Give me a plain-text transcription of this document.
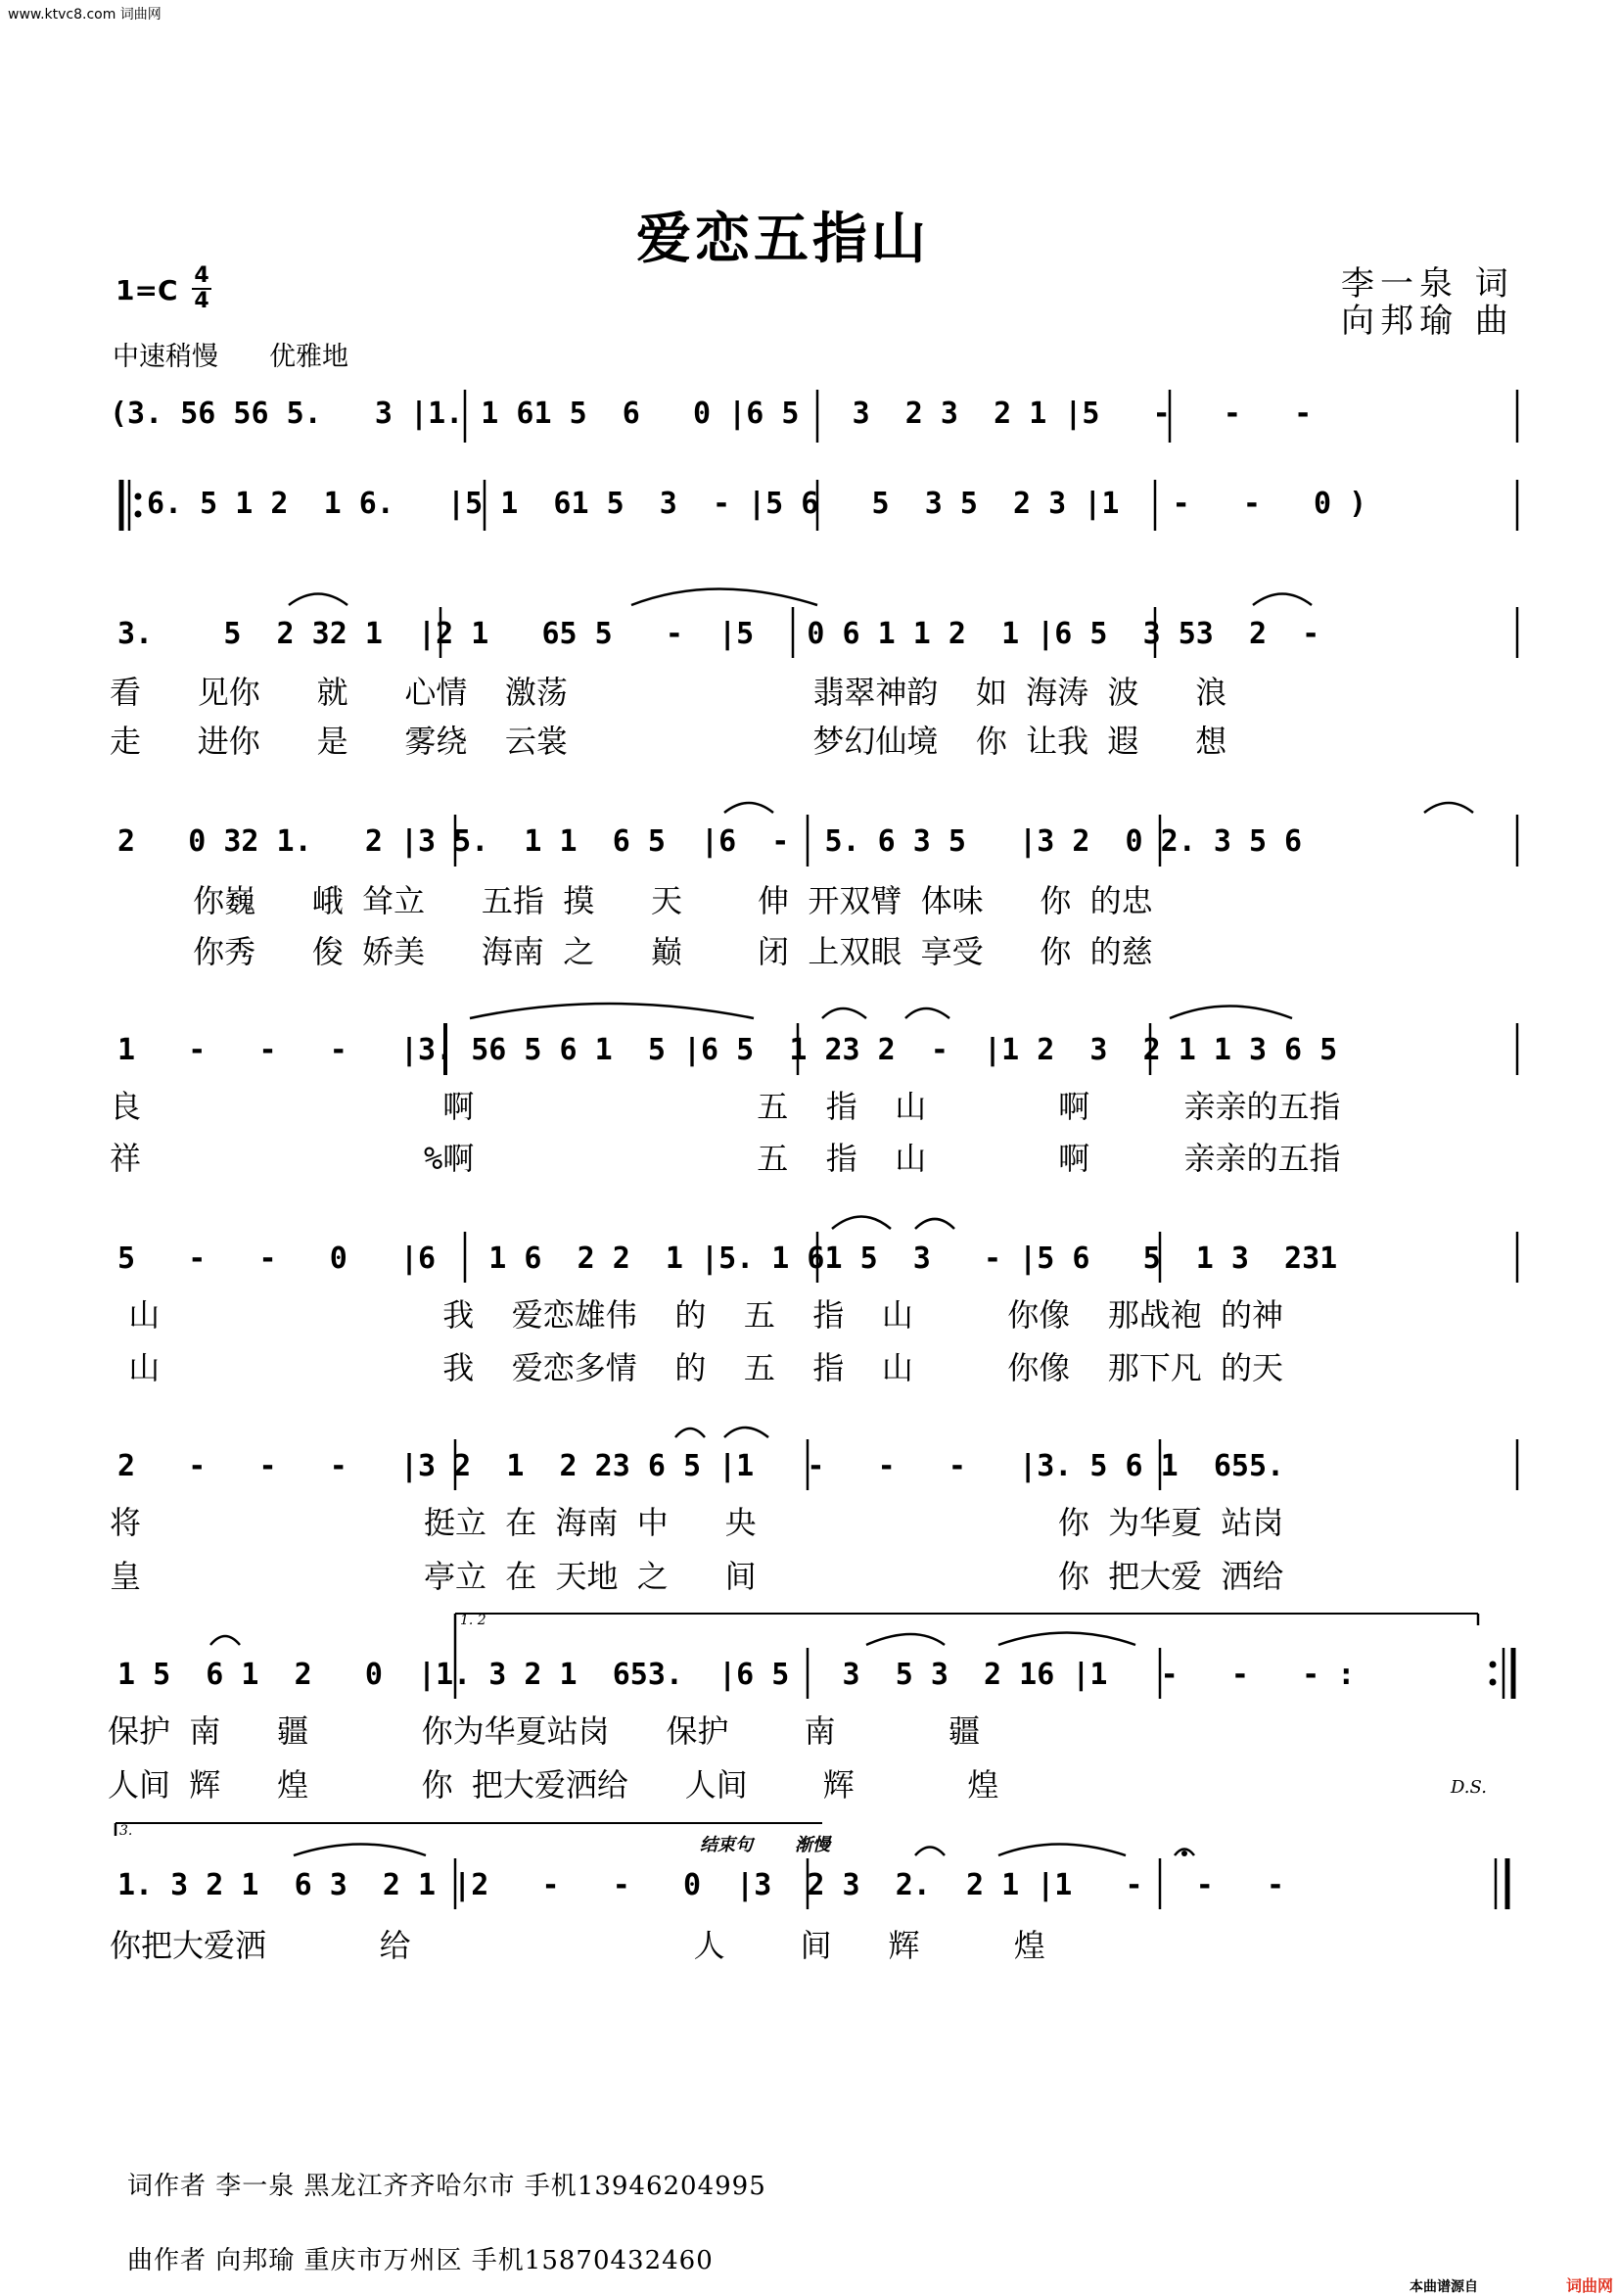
www.ktvc8.com 词曲网
爱恋五指山
李一泉 词
向邦瑜 曲
1=C 4
4
中速稍慢 优雅地
(3. 56 56 5.   3 |1. 1 61 5  6   0 |6 5   3  2 3  2 1 |5   -   -   -
6. 5 1 2  1 6.   |5 1  61 5  3  - |5 6   5  3 5  2 3 |1   -   -   0 )
3.    5  2 32 1  |2 1   65 5   -  |5   0 6 1 1 2  1 |6 5  3 53  2  -
看   见你   就   心情  激荡             翡翠神韵  如 海涛 波   浪
走   进你   是   雾绕  云裳             梦幻仙境  你 让我 遐   想
2   0 32 1.   2 |3 5.  1 1  6 5  |6  -  5. 6 3 5   |3 2  0 2. 3 5 6
你巍   峨 耸立   五指 摸   天    伸 开双臂 体味   你 的忠
你秀   俊 娇美   海南 之   巅    闭 上双眼 享受   你 的慈
1   -   -   -   |3. 56 5 6 1  5 |6 5  1 23 2  -  |1 2  3  2 1 1 3 6 5
良                啊               五  指  山       啊     亲亲的五指
祥               %啊               五  指  山       啊     亲亲的五指
5   -   -   0   |6   1 6  2 2  1 |5. 1 61 5  3   - |5 6   5  1 3  231
山               我  爱恋雄伟  的  五  指  山     你像  那战袍 的神
山               我  爱恋多情  的  五  指  山     你像  那下凡 的天
2   -   -   -   |3 2  1  2 23 6 5 |1   -   -   -   |3. 5 6 1  655.
将               挺立 在 海南 中   央                你 为华夏 站岗
皇               亭立 在 天地 之   间                你 把大爱 洒给
1. 2
1 5  6 1  2   0  |1. 3 2 1  653.  |6 5   3  5 3  2 16 |1   -   -   - :
保护 南   疆      你为华夏站岗   保护    南      疆
人间 辉   煌      你 把大爱洒给   人间    辉      煌	D.S.
3.
结束句 渐慢
1. 3 2 1  6 3  2 1 |2   -   -   0  |3  2 3  2.  2 1 |1   -   -   -
你把大爱洒      给               人    间   辉     煌
词作者 李一泉 黑龙江齐齐哈尔市 手机13946204995
曲作者 向邦瑜 重庆市万州区 手机15870432460
本曲谱源自	词曲网
